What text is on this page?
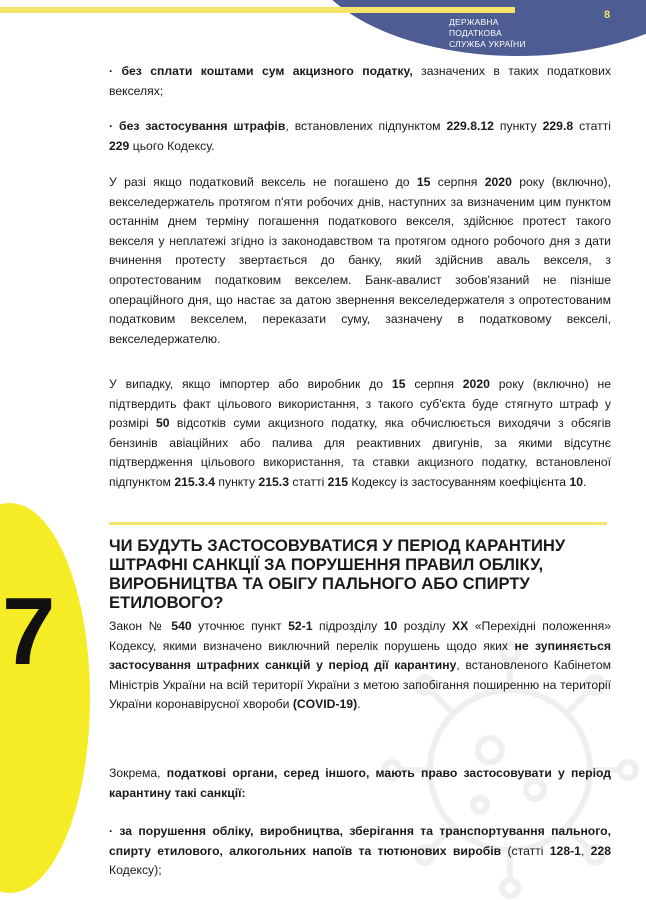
ДЕРЖАВНА
ПОДАТКОВА
СЛУЖБА УКРАЇНИ
8
7

· без сплати коштами сум акцизного податку, зазначених в таких податкових векселях;

· без застосування штрафів, встановлених підпунктом 229.8.12 пункту 229.8 статті 229 цього Кодексу.

У разі якщо податковий вексель не погашено до 15 серпня 2020 року (включно), векселедержатель протягом п'яти робочих днів, наступних за визначеним цим пунктом останнім днем терміну погашення податкового векселя, здійснює протест такого векселя у неплатежі згідно із законодавством та протягом одного робочого дня з дати вчинення протесту звертається до банку, який здійснив аваль векселя, з опротестованим податковим векселем. Банк-авалист зобов'язаний не пізніше операційного дня, що настає за датою звернення векселедержателя з опротестованим податковим векселем, переказати суму, зазначену в податковому векселі, векселедержателю.

У випадку, якщо імпортер або виробник до 15 серпня 2020 року (включно) не підтвердить факт цільового використання, з такого суб'єкта буде стягнуто штраф у розмірі 50 відсотків суми акцизного податку, яка обчислюється виходячи з обсягів бензинів авіаційних або палива для реактивних двигунів, за якими відсутнє підтвердження цільового використання, та ставки акцизного податку, встановленої підпунктом 215.3.4 пункту 215.3 статті 215 Кодексу із застосуванням коефіцієнта 10.

ЧИ БУДУТЬ ЗАСТОСОВУВАТИСЯ У ПЕРІОД КАРАНТИНУ ШТРАФНІ САНКЦІЇ ЗА ПОРУШЕННЯ ПРАВИЛ ОБЛІКУ, ВИРОБНИЦТВА ТА ОБІГУ ПАЛЬНОГО АБО СПИРТУ ЕТИЛОВОГО?

Закон № 540 уточнює пункт 52-1 підрозділу 10 розділу ХХ «Перехідні положення» Кодексу, якими визначено виключний перелік порушень щодо яких не зупиняється застосування штрафних санкцій у період дії карантину, встановленого Кабінетом Міністрів України на всій території України з метою запобігання поширенню на території України коронавірусної хвороби (COVID-19).

Зокрема, податкові органи, серед іншого, мають право застосовувати у період карантину такі санкції:

· за порушення обліку, виробництва, зберігання та транспортування пального, спирту етилового, алкогольних напоїв та тютюнових виробів (статті 128-1, 228 Кодексу);
